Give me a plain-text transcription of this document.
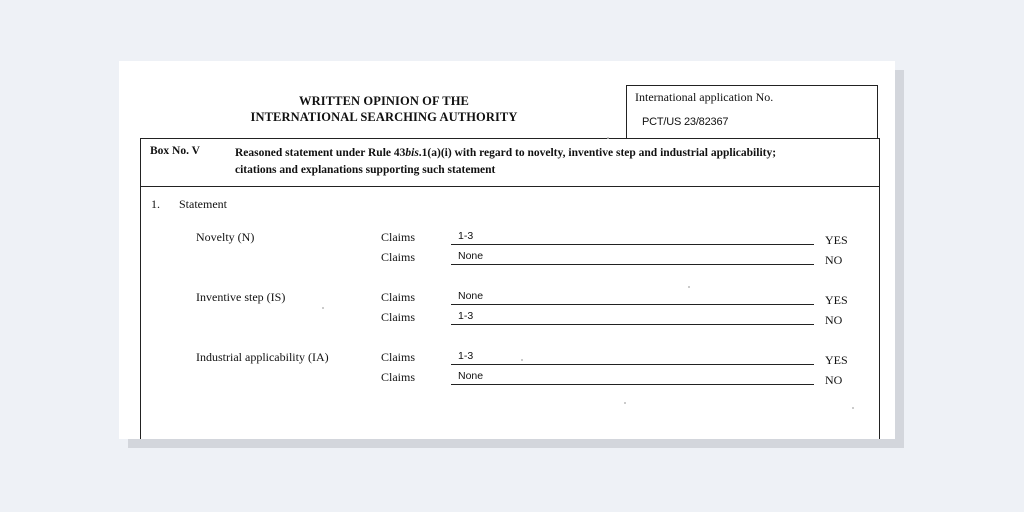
WRITTEN OPINION OF THE
INTERNATIONAL SEARCHING AUTHORITY
International application No.
PCT/US 23/82367
Box No. V	Reasoned statement under Rule 43bis.1(a)(i) with regard to novelty, inventive step and industrial applicability;
citations and explanations supporting such statement
1. Statement
Novelty (N)	Claims	1-3	YES
Claims	None	NO
Inventive step (IS)	Claims	None	YES
Claims	1-3	NO
Industrial applicability (IA)	Claims	1-3	YES
Claims	None	NO
